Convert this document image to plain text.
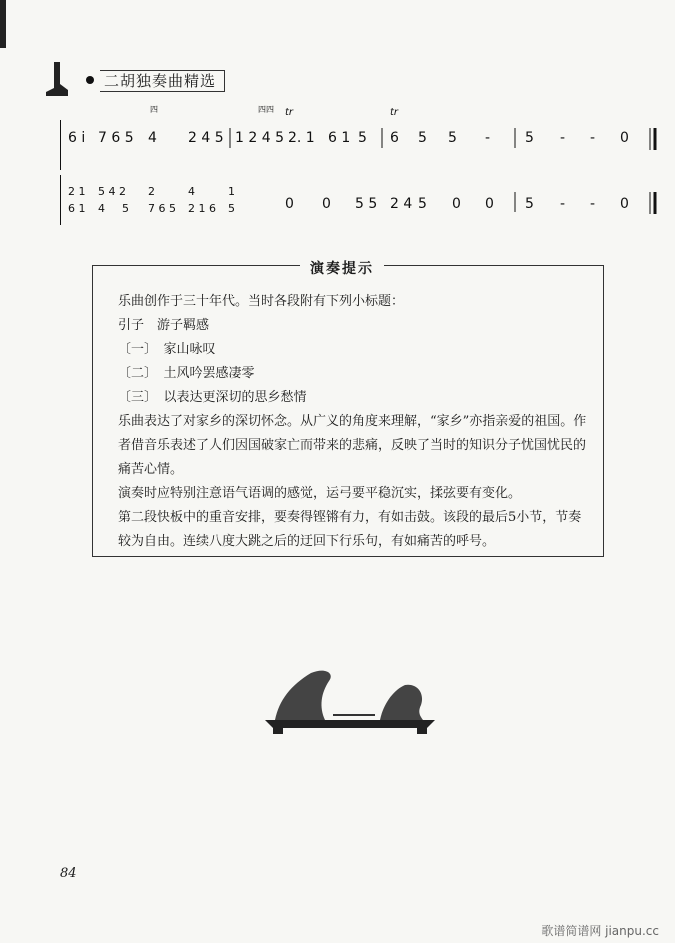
二胡独奏曲精选
四	四四 tr	tr
6 i 7 6 5 4 2 4 5 1 2 4 5 2. 1 6 1 5 6 5 5 - 5 - - 0
2 1 5 4 2 2	4	1
6 1 4 5 7 6 5 2 1 6 5	0 0 5 5 2 4 5 0 0 5 - - 0
演奏提示

乐曲创作于三十年代。当时各段附有下列小标题：

引子　游子羁感

〔一〕　家山咏叹

〔二〕　土风吟罢感凄零

〔三〕　以表达更深切的思乡愁情

乐曲表达了对家乡的深切怀念。从广义的角度来理解，“家乡”亦指亲爱的祖国。作者借音乐表述了人们因国破家亡而带来的悲痛，反映了当时的知识分子忧国忧民的痛苦心情。

演奏时应特别注意语气语调的感觉，运弓要平稳沉实，揉弦要有变化。

第二段快板中的重音安排，要奏得铿锵有力，有如击鼓。该段的最后5小节，节奏较为自由。连续八度大跳之后的迂回下行乐句，有如痛苦的呼号。

84
歌谱简谱网 jianpu.cc
